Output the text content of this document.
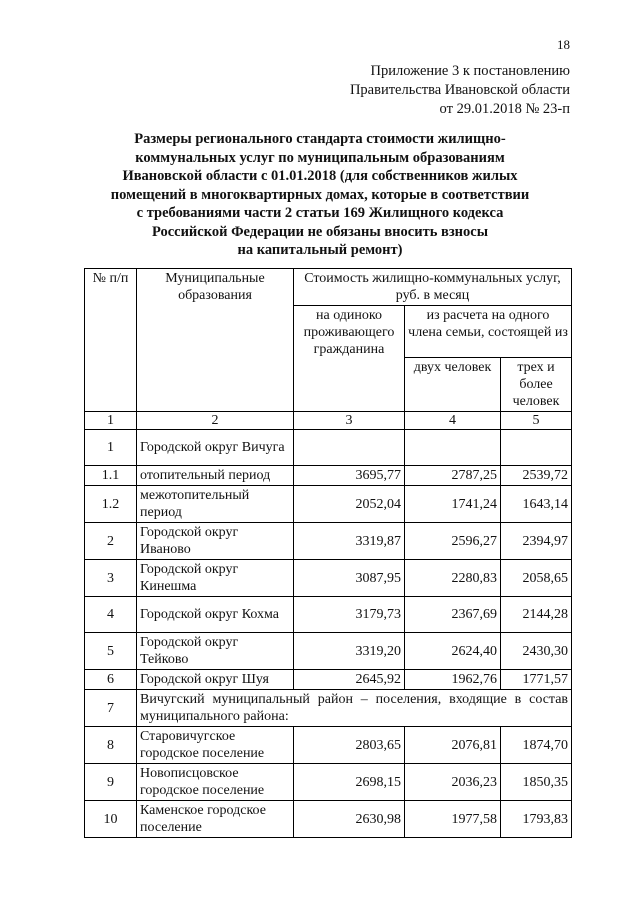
18
Приложение 3 к постановлению
Правительства Ивановской области
от 29.01.2018 № 23-п
Размеры регионального стандарта стоимости жилищно-
коммунальных услуг по муниципальным образованиям
Ивановской области с 01.01.2018 (для собственников жилых
помещений в многоквартирных домах, которые в соответствии
с требованиями части 2 статьи 169 Жилищного кодекса
Российской Федерации не обязаны вносить взносы
на капитальный ремонт)
№ п/п	Муниципальные образования	Стоимость жилищно-коммунальных услуг, руб. в месяц		
		на одиноко проживающего гражданина	из расчета на одного члена семьи, состоящей из	
			двух человек	трех и более человек
1	2	3	4	5
1	Городской округ Вичуга			
1.1	отопительный период	3695,77	2787,25	2539,72
1.2	межотопительный период	2052,04	1741,24	1643,14
2	Городской округ Иваново	3319,87	2596,27	2394,97
3	Городской округ Кинешма	3087,95	2280,83	2058,65
4	Городской округ Кохма	3179,73	2367,69	2144,28
5	Городской округ Тейково	3319,20	2624,40	2430,30
6	Городской округ Шуя	2645,92	1962,76	1771,57
7	Вичугский муниципальный район – поселения, входящие в состав муниципального района:			
8	Старовичугское городское поселение	2803,65	2076,81	1874,70
9	Новописцовское городское поселение	2698,15	2036,23	1850,35
10	Каменское городское поселение	2630,98	1977,58	1793,83
